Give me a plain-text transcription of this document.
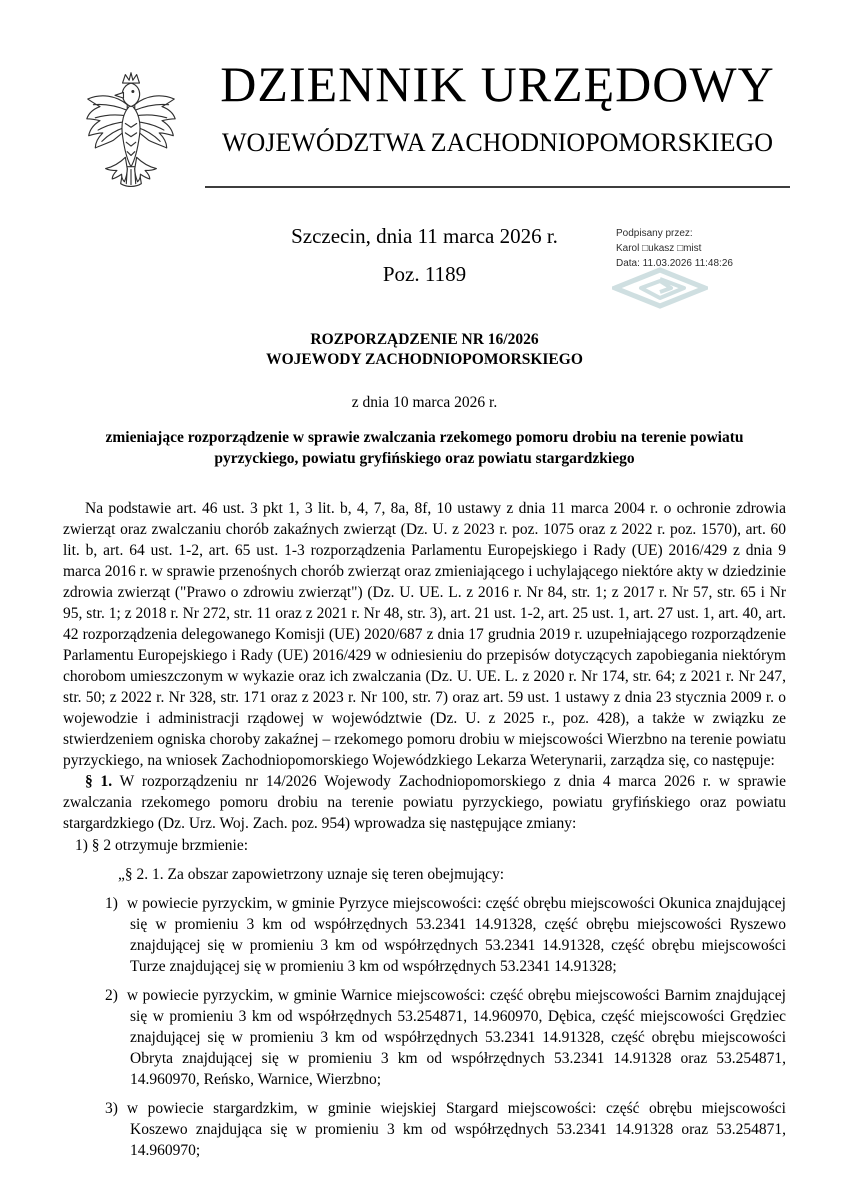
DZIENNIK URZĘDOWY
WOJEWÓDZTWA ZACHODNIOPOMORSKIEGO
Szczecin, dnia 11 marca 2026 r.
Poz. 1189
Podpisany przez:
Karol □ukasz □mist
Data: 11.03.2026 11:48:26
ROZPORZĄDZENIE NR 16/2026
WOJEWODY ZACHODNIOPOMORSKIEGO
z dnia 10 marca 2026 r.
zmieniające rozporządzenie w sprawie zwalczania rzekomego pomoru drobiu na terenie powiatu pyrzyckiego, powiatu gryfińskiego oraz powiatu stargardzkiego

Na podstawie art. 46 ust. 3 pkt 1, 3 lit. b, 4, 7, 8a, 8f, 10 ustawy z dnia 11 marca 2004 r. o ochronie zdrowia zwierząt oraz zwalczaniu chorób zakaźnych zwierząt (Dz. U. z 2023 r. poz. 1075 oraz z 2022 r. poz. 1570), art. 60 lit. b, art. 64 ust. 1-2, art. 65 ust. 1-3 rozporządzenia Parlamentu Europejskiego i Rady (UE) 2016/429 z dnia 9 marca 2016 r. w sprawie przenośnych chorób zwierząt oraz zmieniającego i uchylającego niektóre akty w dziedzinie zdrowia zwierząt ("Prawo o zdrowiu zwierząt") (Dz. U. UE. L. z 2016 r. Nr 84, str. 1; z 2017 r. Nr 57, str. 65 i Nr 95, str. 1; z 2018 r. Nr 272, str. 11 oraz z 2021 r. Nr 48, str. 3), art. 21 ust. 1-2, art. 25 ust. 1, art. 27 ust. 1, art. 40, art. 42 rozporządzenia delegowanego Komisji (UE) 2020/687 z dnia 17 grudnia 2019 r. uzupełniającego rozporządzenie Parlamentu Europejskiego i Rady (UE) 2016/429 w odniesieniu do przepisów dotyczących zapobiegania niektórym chorobom umieszczonym w wykazie oraz ich zwalczania (Dz. U. UE. L. z 2020 r. Nr 174, str. 64; z 2021 r. Nr 247, str. 50; z 2022 r. Nr 328, str. 171 oraz z 2023 r. Nr 100, str. 7) oraz art. 59 ust. 1 ustawy z dnia 23 stycznia 2009 r. o wojewodzie i administracji rządowej w województwie (Dz. U. z 2025 r., poz. 428), a także w związku ze stwierdzeniem ogniska choroby zakaźnej – rzekomego pomoru drobiu w miejscowości Wierzbno na terenie powiatu pyrzyckiego, na wniosek Zachodniopomorskiego Wojewódzkiego Lekarza Weterynarii, zarządza się, co następuje:

§ 1. W rozporządzeniu nr 14/2026 Wojewody Zachodniopomorskiego z dnia 4 marca 2026 r. w sprawie zwalczania rzekomego pomoru drobiu na terenie powiatu pyrzyckiego, powiatu gryfińskiego oraz powiatu stargardzkiego (Dz. Urz. Woj. Zach. poz. 954) wprowadza się następujące zmiany:

1) § 2 otrzymuje brzmienie:

„§ 2. 1. Za obszar zapowietrzony uznaje się teren obejmujący:

1) w powiecie pyrzyckim, w gminie Pyrzyce miejscowości: część obrębu miejscowości Okunica znajdującej się w promieniu 3 km od współrzędnych 53.2341 14.91328, część obrębu miejscowości Ryszewo znajdującej się w promieniu 3 km od współrzędnych 53.2341 14.91328, część obrębu miejscowości Turze znajdującej się w promieniu 3 km od współrzędnych 53.2341 14.91328;

2) w powiecie pyrzyckim, w gminie Warnice miejscowości: część obrębu miejscowości Barnim znajdującej się w promieniu 3 km od współrzędnych 53.254871, 14.960970, Dębica, część miejscowości Grędziec znajdującej się w promieniu 3 km od współrzędnych 53.2341 14.91328, część obrębu miejscowości Obryta znajdującej się w promieniu 3 km od współrzędnych 53.2341 14.91328 oraz 53.254871, 14.960970, Reńsko, Warnice, Wierzbno;

3) w powiecie stargardzkim, w gminie wiejskiej Stargard miejscowości: część obrębu miejscowości Koszewo znajdująca się w promieniu 3 km od współrzędnych 53.2341 14.91328 oraz 53.254871, 14.960970;
